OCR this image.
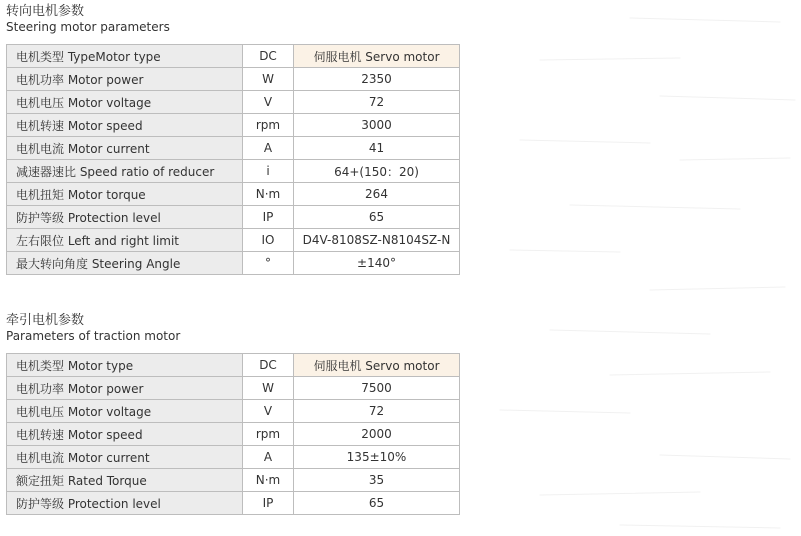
转向电机参数
Steering motor parameters
电机类型 TypeMotor type	DC	伺服电机 Servo motor
电机功率 Motor power	W	2350
电机电压 Motor voltage	V	72
电机转速 Motor speed	rpm	3000
电机电流 Motor current	A	41
减速器速比 Speed ratio of reducer	i	64+(150：20)
电机扭矩 Motor torque	N·m	264
防护等级 Protection level	IP	65
左右限位 Left and right limit	IO	D4V-8108SZ-N8104SZ-N
最大转向角度 Steering Angle	°	±140°
牵引电机参数
Parameters of traction motor
电机类型 Motor type	DC	伺服电机 Servo motor
电机功率 Motor power	W	7500
电机电压 Motor voltage	V	72
电机转速 Motor speed	rpm	2000
电机电流 Motor current	A	135±10%
额定扭矩 Rated Torque	N·m	35
防护等级 Protection level	IP	65
